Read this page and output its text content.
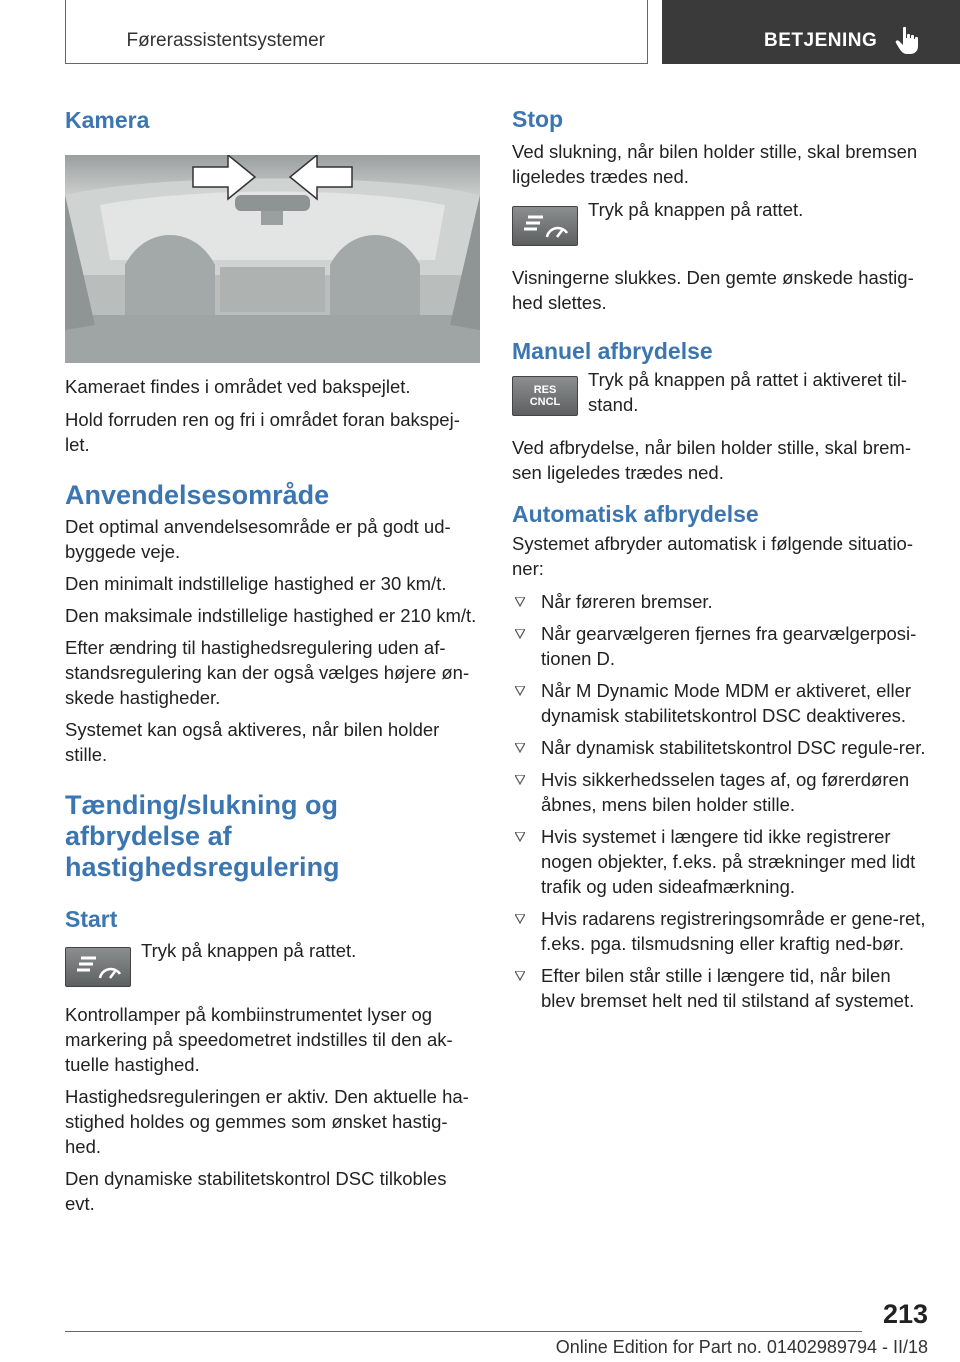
Førerassistentsystemer	BETJENING
Kamera

Kameraet findes i området ved bakspejlet.

Hold forruden ren og fri i området foran bakspej-let.

Anvendelsesområde

Det optimal anvendelsesområde er på godt ud-byggede veje.

Den minimalt indstillelige hastighed er 30 km/t.

Den maksimale indstillelige hastighed er 210 km/t.

Efter ændring til hastighedsregulering uden af-standsregulering kan der også vælges højere øn-skede hastigheder.

Systemet kan også aktiveres, når bilen holder stille.

Tænding/slukning og afbrydelse af hastighedsregulering
Start

Tryk på knappen på rattet.

Kontrollamper på kombiinstrumentet lyser og markering på speedometret indstilles til den ak-tuelle hastighed.

Hastighedsreguleringen er aktiv. Den aktuelle ha-stighed holdes og gemmes som ønsket hastig-hed.

Den dynamiske stabilitetskontrol DSC tilkobles evt.

Stop

Ved slukning, når bilen holder stille, skal bremsen ligeledes trædes ned.

Tryk på knappen på rattet.

Visningerne slukkes. Den gemte ønskede hastig-hed slettes.

Manuel afbrydelse
RES
CNCL

Tryk på knappen på rattet i aktiveret til-stand.

Ved afbrydelse, når bilen holder stille, skal brem-sen ligeledes trædes ned.

Automatisk afbrydelse

Systemet afbryder automatisk i følgende situatio-ner:

Når føreren bremser.
Når gearvælgeren fjernes fra gearvælgerposi-tionen D.
Når M Dynamic Mode MDM er aktiveret, eller dynamisk stabilitetskontrol DSC deaktiveres.
Når dynamisk stabilitetskontrol DSC regule-rer.
Hvis sikkerhedsselen tages af, og førerdøren åbnes, mens bilen holder stille.
Hvis systemet i længere tid ikke registrerer nogen objekter, f.eks. på strækninger med lidt trafik og uden sideafmærkning.
Hvis radarens registreringsområde er gene-ret, f.eks. pga. tilsmudsning eller kraftig ned-bør.
Efter bilen står stille i længere tid, når bilen blev bremset helt ned til stilstand af systemet.
213
Online Edition for Part no. 01402989794 - II/18
